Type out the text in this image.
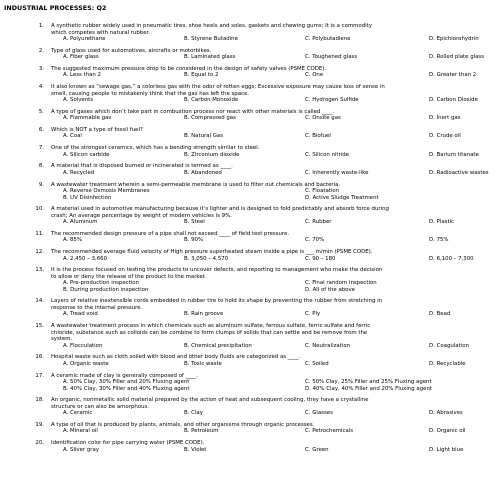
INDUSTRIAL PROCESSES: Q2
1. A synthetic rubber widely used in pneumatic tires, shoe heels and soles, gaskets and chewing gums; It is a commodity
which competes with natural rubber.
A. Polyurethane	B. Styrene Butadine	C. Polybutadiene	D. Epichlorohydrin
2. Type of glass used for automotives, aircrafts or motorbikes.
A. Fiber glass	B. Laminated glass	C. Toughened glass	D. Rolled plate glass
3. The suggested maximum pressure drop to be considered in the design of safety valves (PSME CODE).
A. Less than 2	B. Equal to 2	C. One	D. Greater than 2
4. It also known as “sewage gas,” a colorless gas with the odor of rotten eggs; Excessive exposure may cause loss of sense in
smell, causing people to mistakenly think that the gas has left the space.
A. Solvents	B. Carbon Monoxide	C. Hydrogen Sulfide	D. Carbon Dioxide
5. A type of gases which don’t take part in combustion process nor react with other materials is called ____.
A. Flammable gas	B. Compressed gas	C. Onsite gas	D. Inert gas
6. Which is NOT a type of fossil fuel?
A. Coal	B. Natural Gas	C. Biofuel	D. Crude oil
7. One of the strongest ceramics, which has a bending strength similar to steel.
A. Silicon carbide	B. Zirconium dioxide	C. Silicon nitride	D. Barium titanate
8. A material that is disposed burned or incinerated is termed as ____.
A. Recycled	B. Abandoned	C. Inherently waste-like	D. Radioactive wastes
9. A wastewater treatment wherein a semi-permeable membrane is used to filter out chemicals and bacteria.
A. Reverse Osmosis Membranes	C. Floatation
B. UV Disinfection	D. Active Sludge Treatment
10. A material used in automotive manufacturing because it’s lighter and is designed to fold predictably and absorb force during
crash; An average percentage by weight of modern vehicles is 9%.
A. Aluminum	B. Steel	C. Rubber	D. Plastic
11. The recommended design pressure of a pipe shall not exceed ____ of field test pressure.
A. 85%	B. 90%	C. 70%	D. 75%
12. The recommended average fluid velocity of High pressure superheated steam inside a pipe is ___ m/min (PSME CODE).
A. 2,450 – 3,660	B. 3,050 – 4,570	C. 90 – 180	D. 6,100 – 7,300
13. It is the process focused on testing the products to uncover defects, and reporting to management who make the decision
to allow or deny the release of the product to the market.
A. Pre-production inspection	C. Final random inspection
B. During production inspection	D. All of the above
14. Layers of relative inextensible cords embedded in rubber tire to hold its shape by preventing the rubber from stretching in
response to the internal pressure.
A. Tread void	B. Rain groove	C. Ply	D. Bead
15. A wastewater treatment process in which chemicals such as aluminum sulfate, ferrous sulfate, ferric sulfate and ferric
chloride, substance such as colloids can be combine to form clumps of solids that can settle and be remove from the
system.
A. Flocculation	B. Chemical precipitation	C. Neutralization	D. Coagulation
16. Hospital waste such as cloth soiled with blood and other body fluids are categorized as ____.
A. Organic waste	B. Toxic waste	C. Soiled	D. Recyclable
17. A ceramic made of clay is generally composed of ____.
A. 50% Clay, 30% Filler and 20% Fluxing agent	C. 50% Clay, 25% Filler and 25% Fluxing agent
B. 40% Clay, 30% Filler and 40% Fluxing agent	D. 40% Clay, 40% Filler and 20% Fluxing agent
18. An organic, nonmetallic solid material prepared by the action of heat and subsequent cooling, they have a crystalline
structure or can also be amorphous.
A. Ceramic	B. Clay	C. Glasses	D. Abrasives
19. A type of oil that is produced by plants, animals, and other organisms through organic processes.
A. Mineral oil	B. Petroleum	C. Petrochemicals	D. Organic oil
20. Identification color for pipe carrying water (PSME CODE).
A. Silver gray	B. Violet	C. Green	D. Light blue
